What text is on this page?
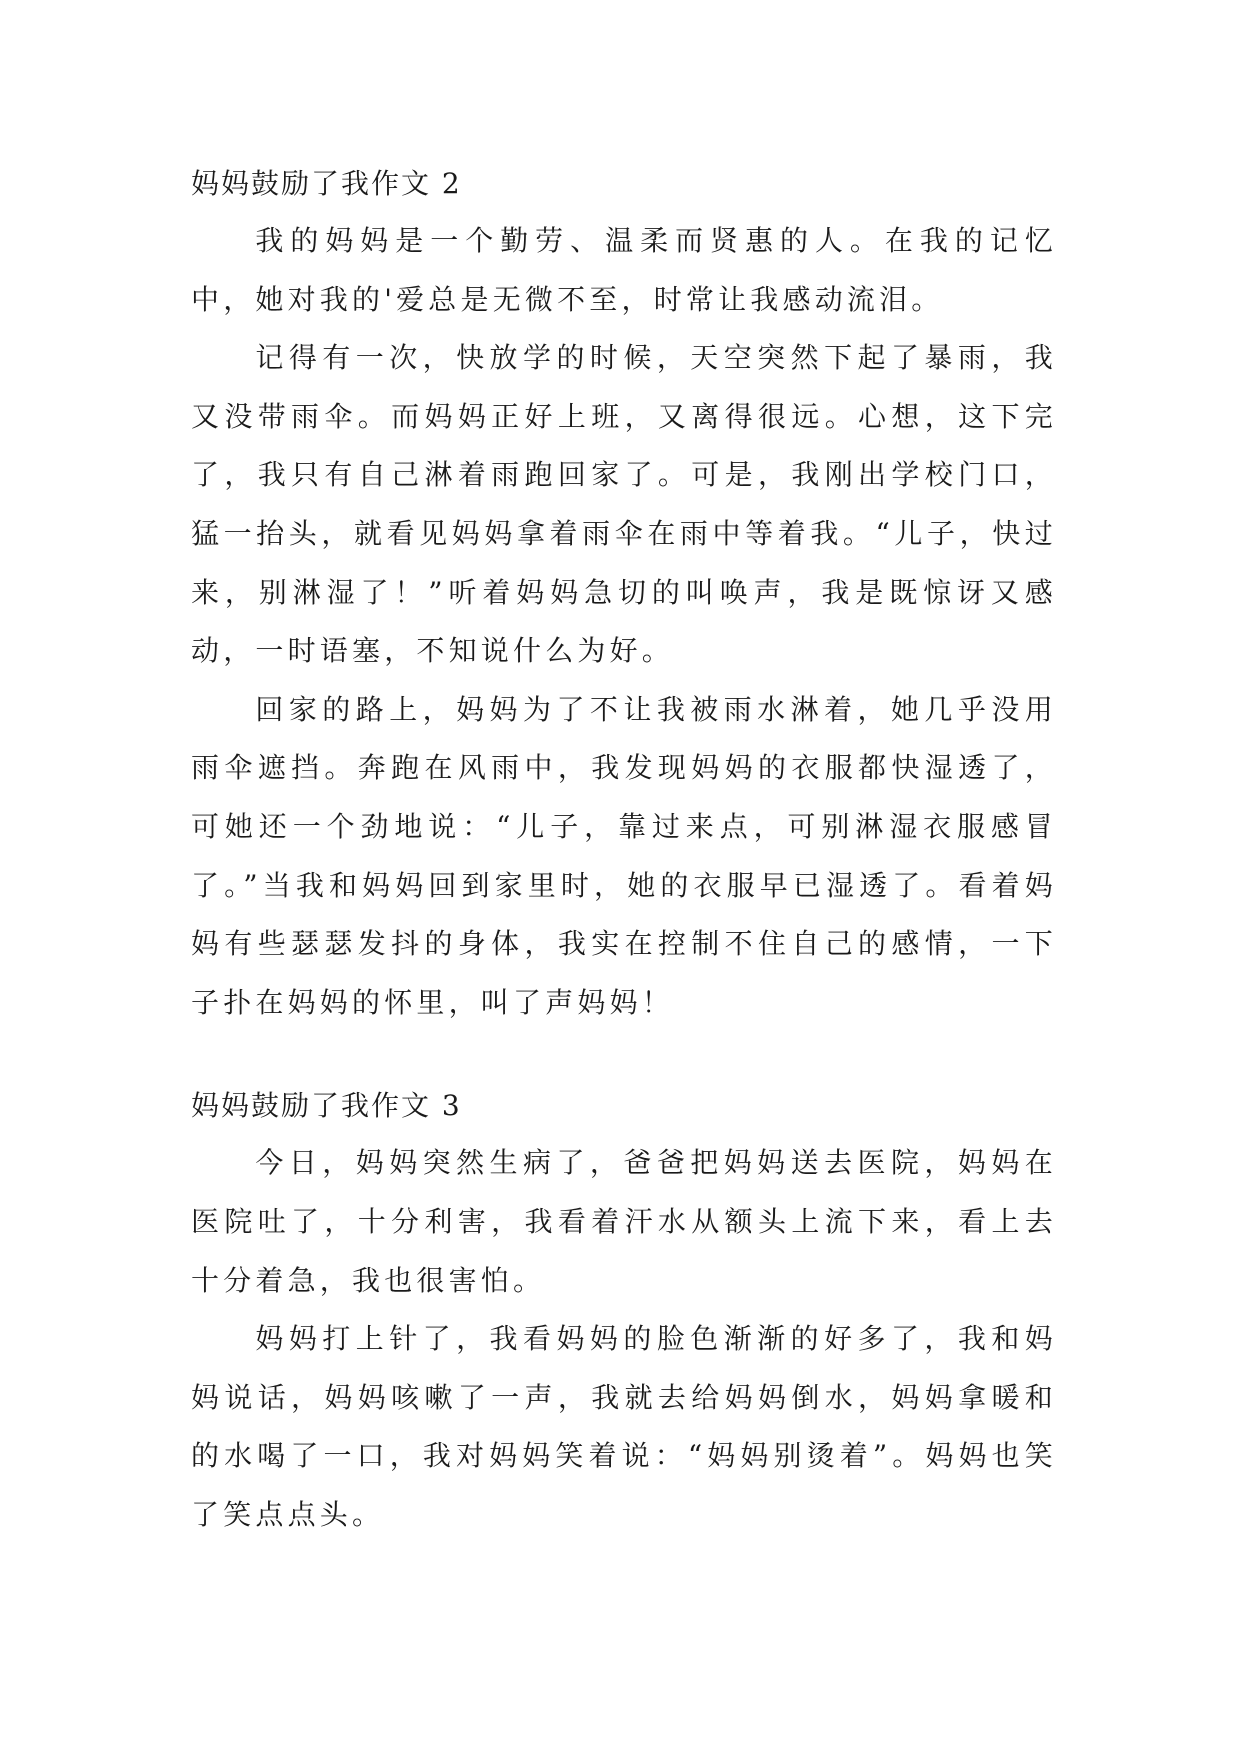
妈妈鼓励了我作文 2

我的妈妈是一个勤劳、温柔而贤惠的人。在我的记忆中，她对我的'爱总是无微不至，时常让我感动流泪。

记得有一次，快放学的时候，天空突然下起了暴雨，我又没带雨伞。而妈妈正好上班，又离得很远。心想，这下完了，我只有自己淋着雨跑回家了。可是，我刚出学校门口，猛一抬头，就看见妈妈拿着雨伞在雨中等着我。“儿子，快过来，别淋湿了！”听着妈妈急切的叫唤声，我是既惊讶又感动，一时语塞，不知说什么为好。

回家的路上，妈妈为了不让我被雨水淋着，她几乎没用雨伞遮挡。奔跑在风雨中，我发现妈妈的衣服都快湿透了，可她还一个劲地说：“儿子，靠过来点，可别淋湿衣服感冒了。”当我和妈妈回到家里时，她的衣服早已湿透了。看着妈妈有些瑟瑟发抖的身体，我实在控制不住自己的感情，一下子扑在妈妈的怀里，叫了声妈妈！

妈妈鼓励了我作文 3

今日，妈妈突然生病了，爸爸把妈妈送去医院，妈妈在医院吐了，十分利害，我看着汗水从额头上流下来，看上去十分着急，我也很害怕。

妈妈打上针了，我看妈妈的脸色渐渐的好多了，我和妈妈说话，妈妈咳嗽了一声，我就去给妈妈倒水，妈妈拿暖和的水喝了一口，我对妈妈笑着说：“妈妈别烫着”。妈妈也笑了笑点点头。
